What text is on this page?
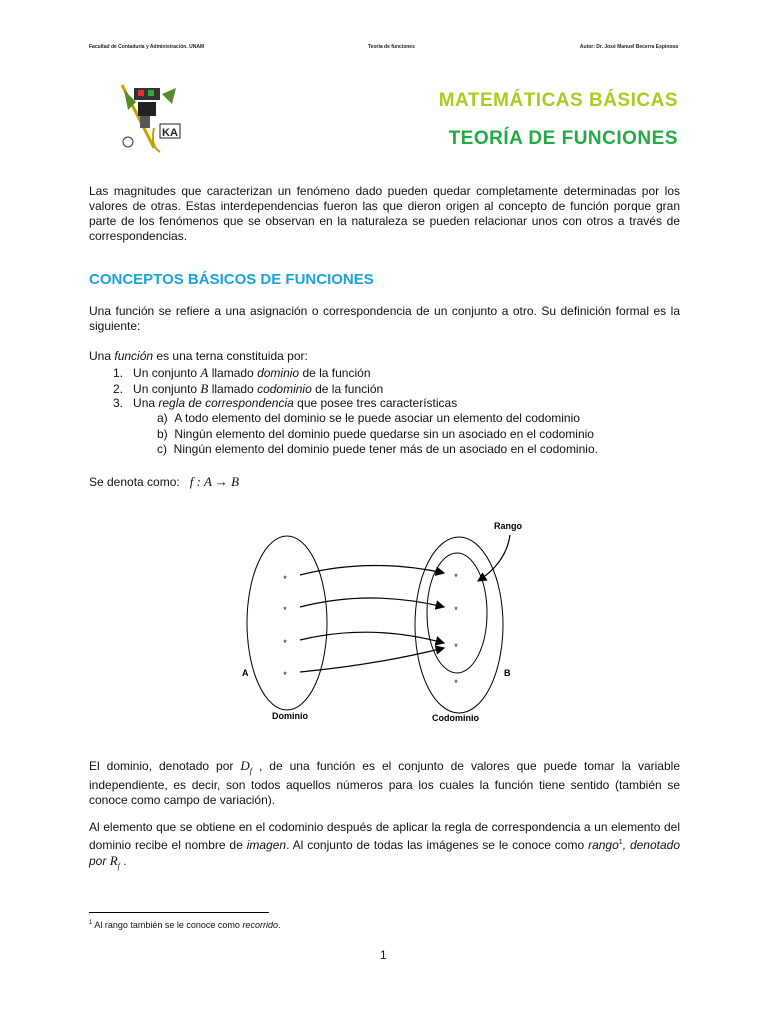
Facultad de Contaduría y Administración. UNAM	Teoría de funciones	Autor: Dr. José Manuel Becerra Espinosa
KA
MATEMÁTICAS BÁSICAS
TEORÍA DE FUNCIONES
Las magnitudes que caracterizan un fenómeno dado pueden quedar completamente determinadas por los valores de otras. Estas interdependencias fueron las que dieron origen al concepto de función porque gran parte de los fenómenos que se observan en la naturaleza se pueden relacionar unos con otros a través de correspondencias.
CONCEPTOS BÁSICOS DE FUNCIONES
Una función se refiere a una asignación o correspondencia de un conjunto a otro. Su definición formal es la siguiente:
Una función es una terna constituida por:
1. Un conjunto A llamado dominio de la función
2. Un conjunto B llamado codominio de la función
3. Una regla de correspondencia que posee tres características
a) A todo elemento del dominio se le puede asociar un elemento del codominio
b) Ningún elemento del dominio puede quedarse sin un asociado en el codominio
c) Ningún elemento del dominio puede tener más de un asociado en el codominio.
Se denota como: f : A → B
*
*
*
*
*
*
*
*
Rango
A	B
Dominio	Codominio
El dominio, denotado por $D_f$ , de una función es el conjunto de valores que puede tomar la variable independiente, es decir, son todos aquellos números para los cuales la función tiene sentido (también se conoce como campo de variación).
Al elemento que se obtiene en el codominio después de aplicar la regla de correspondencia a un elemento del dominio recibe el nombre de imagen. Al conjunto de todas las imágenes se le conoce como rango$^1$, denotado por $R_f$ .
$^1$ Al rango también se le conoce como recorrido.
1
